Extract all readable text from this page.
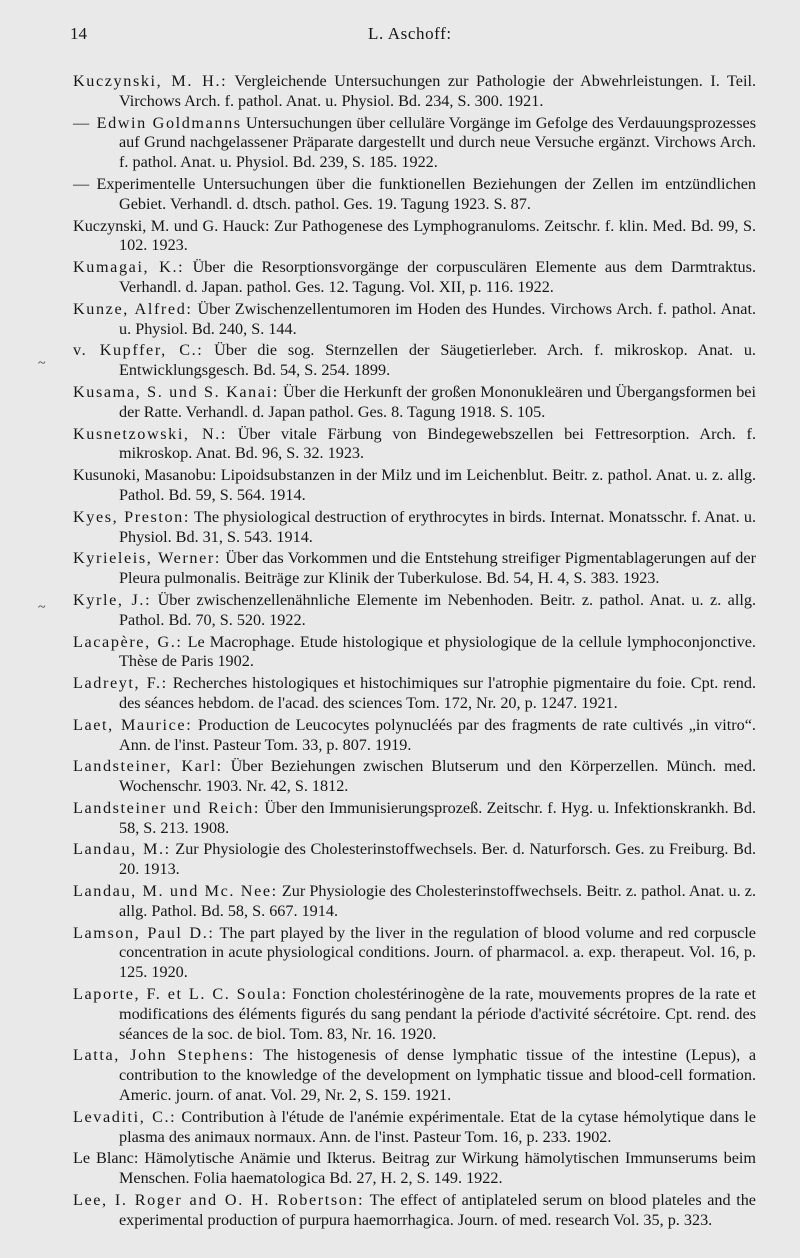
14	L. Aschoff:
~
~

Kuczynski, M. H.: Vergleichende Untersuchungen zur Pathologie der Abwehrleistungen. I. Teil. Virchows Arch. f. pathol. Anat. u. Physiol. Bd. 234, S. 300. 1921.

— Edwin Goldmanns Untersuchungen über celluläre Vorgänge im Gefolge des Verdauungsprozesses auf Grund nachgelassener Präparate dargestellt und durch neue Versuche ergänzt. Virchows Arch. f. pathol. Anat. u. Physiol. Bd. 239, S. 185. 1922.

— Experimentelle Untersuchungen über die funktionellen Beziehungen der Zellen im entzündlichen Gebiet. Verhandl. d. dtsch. pathol. Ges. 19. Tagung 1923. S. 87.

Kuczynski, M. und G. Hauck: Zur Pathogenese des Lymphogranuloms. Zeitschr. f. klin. Med. Bd. 99, S. 102. 1923.

Kumagai, K.: Über die Resorptionsvorgänge der corpusculären Elemente aus dem Darmtraktus. Verhandl. d. Japan. pathol. Ges. 12. Tagung. Vol. XII, p. 116. 1922.

Kunze, Alfred: Über Zwischenzellentumoren im Hoden des Hundes. Virchows Arch. f. pathol. Anat. u. Physiol. Bd. 240, S. 144.

v. Kupffer, C.: Über die sog. Sternzellen der Säugetierleber. Arch. f. mikroskop. Anat. u. Entwicklungsgesch. Bd. 54, S. 254. 1899.

Kusama, S. und S. Kanai: Über die Herkunft der großen Mononukleären und Übergangsformen bei der Ratte. Verhandl. d. Japan pathol. Ges. 8. Tagung 1918. S. 105.

Kusnetzowski, N.: Über vitale Färbung von Bindegewebszellen bei Fettresorption. Arch. f. mikroskop. Anat. Bd. 96, S. 32. 1923.

Kusunoki, Masanobu: Lipoidsubstanzen in der Milz und im Leichenblut. Beitr. z. pathol. Anat. u. z. allg. Pathol. Bd. 59, S. 564. 1914.

Kyes, Preston: The physiological destruction of erythrocytes in birds. Internat. Monatsschr. f. Anat. u. Physiol. Bd. 31, S. 543. 1914.

Kyrieleis, Werner: Über das Vorkommen und die Entstehung streifiger Pigmentablagerungen auf der Pleura pulmonalis. Beiträge zur Klinik der Tuberkulose. Bd. 54, H. 4, S. 383. 1923.

Kyrle, J.: Über zwischenzellenähnliche Elemente im Nebenhoden. Beitr. z. pathol. Anat. u. z. allg. Pathol. Bd. 70, S. 520. 1922.

Lacapère, G.: Le Macrophage. Etude histologique et physiologique de la cellule lymphoconjonctive. Thèse de Paris 1902.

Ladreyt, F.: Recherches histologiques et histochimiques sur l'atrophie pigmentaire du foie. Cpt. rend. des séances hebdom. de l'acad. des sciences Tom. 172, Nr. 20, p. 1247. 1921.

Laet, Maurice: Production de Leucocytes polynucléés par des fragments de rate cultivés „in vitro“. Ann. de l'inst. Pasteur Tom. 33, p. 807. 1919.

Landsteiner, Karl: Über Beziehungen zwischen Blutserum und den Körperzellen. Münch. med. Wochenschr. 1903. Nr. 42, S. 1812.

Landsteiner und Reich: Über den Immunisierungsprozeß. Zeitschr. f. Hyg. u. Infektionskrankh. Bd. 58, S. 213. 1908.

Landau, M.: Zur Physiologie des Cholesterinstoffwechsels. Ber. d. Naturforsch. Ges. zu Freiburg. Bd. 20. 1913.

Landau, M. und Mc. Nee: Zur Physiologie des Cholesterinstoffwechsels. Beitr. z. pathol. Anat. u. z. allg. Pathol. Bd. 58, S. 667. 1914.

Lamson, Paul D.: The part played by the liver in the regulation of blood volume and red corpuscle concentration in acute physiological conditions. Journ. of pharmacol. a. exp. therapeut. Vol. 16, p. 125. 1920.

Laporte, F. et L. C. Soula: Fonction cholestérinogène de la rate, mouvements propres de la rate et modifications des éléments figurés du sang pendant la période d'activité sécrétoire. Cpt. rend. des séances de la soc. de biol. Tom. 83, Nr. 16. 1920.

Latta, John Stephens: The histogenesis of dense lymphatic tissue of the intestine (Lepus), a contribution to the knowledge of the development on lymphatic tissue and blood-cell formation. Americ. journ. of anat. Vol. 29, Nr. 2, S. 159. 1921.

Levaditi, C.: Contribution à l'étude de l'anémie expérimentale. Etat de la cytase hémolytique dans le plasma des animaux normaux. Ann. de l'inst. Pasteur Tom. 16, p. 233. 1902.

Le Blanc: Hämolytische Anämie und Ikterus. Beitrag zur Wirkung hämolytischen Immunserums beim Menschen. Folia haematologica Bd. 27, H. 2, S. 149. 1922.

Lee, I. Roger and O. H. Robertson: The effect of antiplateled serum on blood plateles and the experimental production of purpura haemorrhagica. Journ. of med. research Vol. 35, p. 323.
